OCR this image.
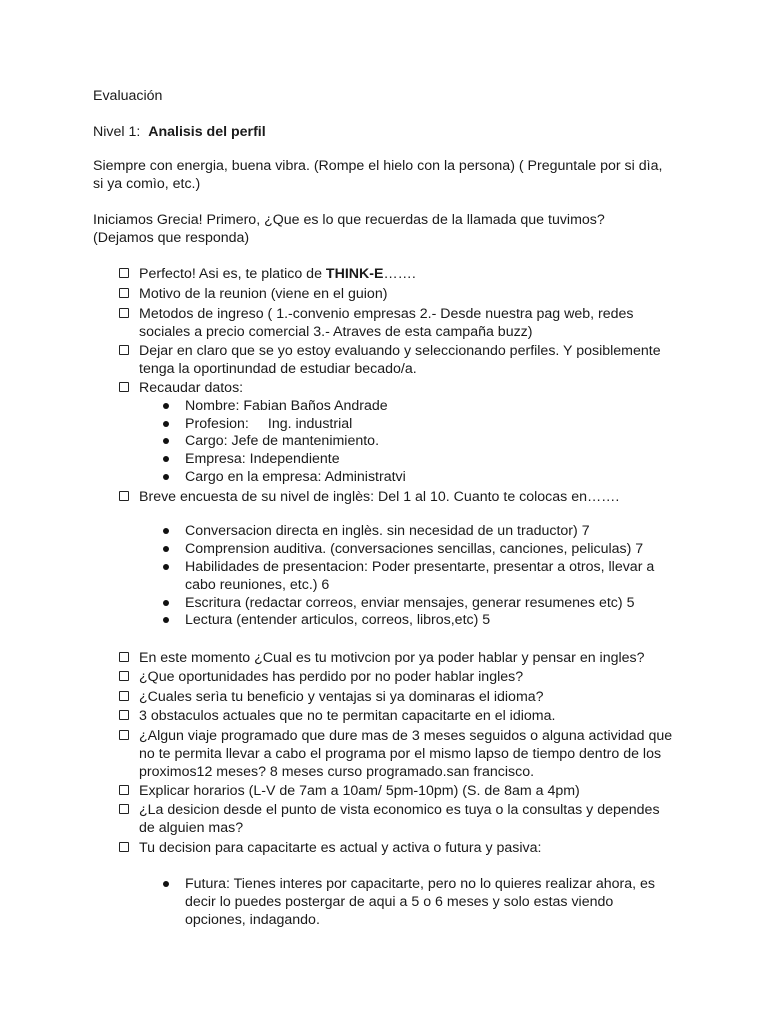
Evaluación
Nivel 1: Analisis del perfil
Siempre con energia, buena vibra. (Rompe el hielo con la persona) ( Preguntale por si dìa,
si ya comìo, etc.)
Iniciamos Grecia! Primero, ¿Que es lo que recuerdas de la llamada que tuvimos?
(Dejamos que responda)
Perfecto! Asi es, te platico de THINK-E…….
Motivo de la reunion (viene en el guion)
Metodos de ingreso ( 1.-convenio empresas 2.- Desde nuestra pag web, redes
sociales a precio comercial 3.- Atraves de esta campaña buzz)
Dejar en claro que se yo estoy evaluando y seleccionando perfiles. Y posiblemente
tenga la oportinundad de estudiar becado/a.
Recaudar datos:
Nombre: Fabian Baños Andrade
Profesion: Ing. industrial
Cargo: Jefe de mantenimiento.
Empresa: Independiente
Cargo en la empresa: Administratvi
Breve encuesta de su nivel de inglès: Del 1 al 10. Cuanto te colocas en…….
Conversacion directa en inglès. sin necesidad de un traductor) 7
Comprension auditiva. (conversaciones sencillas, canciones, peliculas) 7
Habilidades de presentacion: Poder presentarte, presentar a otros, llevar a
cabo reuniones, etc.) 6
Escritura (redactar correos, enviar mensajes, generar resumenes etc) 5
Lectura (entender articulos, correos, libros,etc) 5
En este momento ¿Cual es tu motivcion por ya poder hablar y pensar en ingles?
¿Que oportunidades has perdido por no poder hablar ingles?
¿Cuales serìa tu beneficio y ventajas si ya dominaras el idioma?
3 obstaculos actuales que no te permitan capacitarte en el idioma.
¿Algun viaje programado que dure mas de 3 meses seguidos o alguna actividad que
no te permita llevar a cabo el programa por el mismo lapso de tiempo dentro de los
proximos12 meses? 8 meses curso programado.san francisco.
Explicar horarios (L-V de 7am a 10am/ 5pm-10pm) (S. de 8am a 4pm)
¿La desicion desde el punto de vista economico es tuya o la consultas y dependes
de alguien mas?
Tu decision para capacitarte es actual y activa o futura y pasiva:
Futura: Tienes interes por capacitarte, pero no lo quieres realizar ahora, es
decir lo puedes postergar de aqui a 5 o 6 meses y solo estas viendo
opciones, indagando.
